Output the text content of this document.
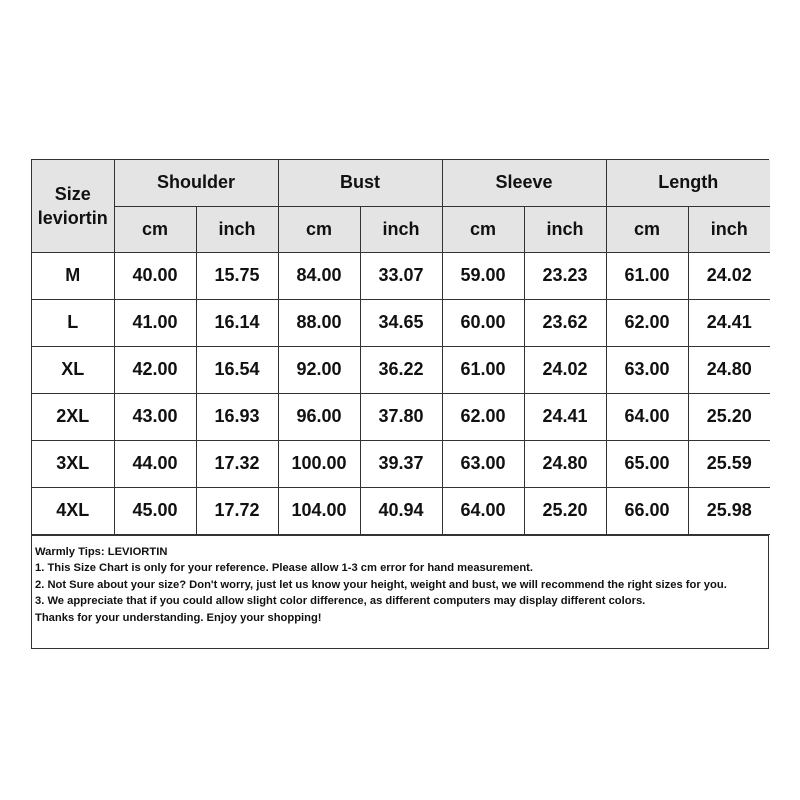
Size
leviortin	Shoulder		Bust		Sleeve		Length	
	cm	inch	cm	inch	cm	inch	cm	inch
M	40.00	15.75	84.00	33.07	59.00	23.23	61.00	24.02
L	41.00	16.14	88.00	34.65	60.00	23.62	62.00	24.41
XL	42.00	16.54	92.00	36.22	61.00	24.02	63.00	24.80
2XL	43.00	16.93	96.00	37.80	62.00	24.41	64.00	25.20
3XL	44.00	17.32	100.00	39.37	63.00	24.80	65.00	25.59
4XL	45.00	17.72	104.00	40.94	64.00	25.20	66.00	25.98
Warmly Tips: LEVIORTIN
1. This Size Chart is only for your reference. Please allow 1-3 cm error for hand measurement.
2. Not Sure about your size? Don't worry, just let us know your height, weight and bust, we will recommend the right sizes for you.
3. We appreciate that if you could allow slight color difference, as different computers may display different colors.
Thanks for your understanding. Enjoy your shopping!
